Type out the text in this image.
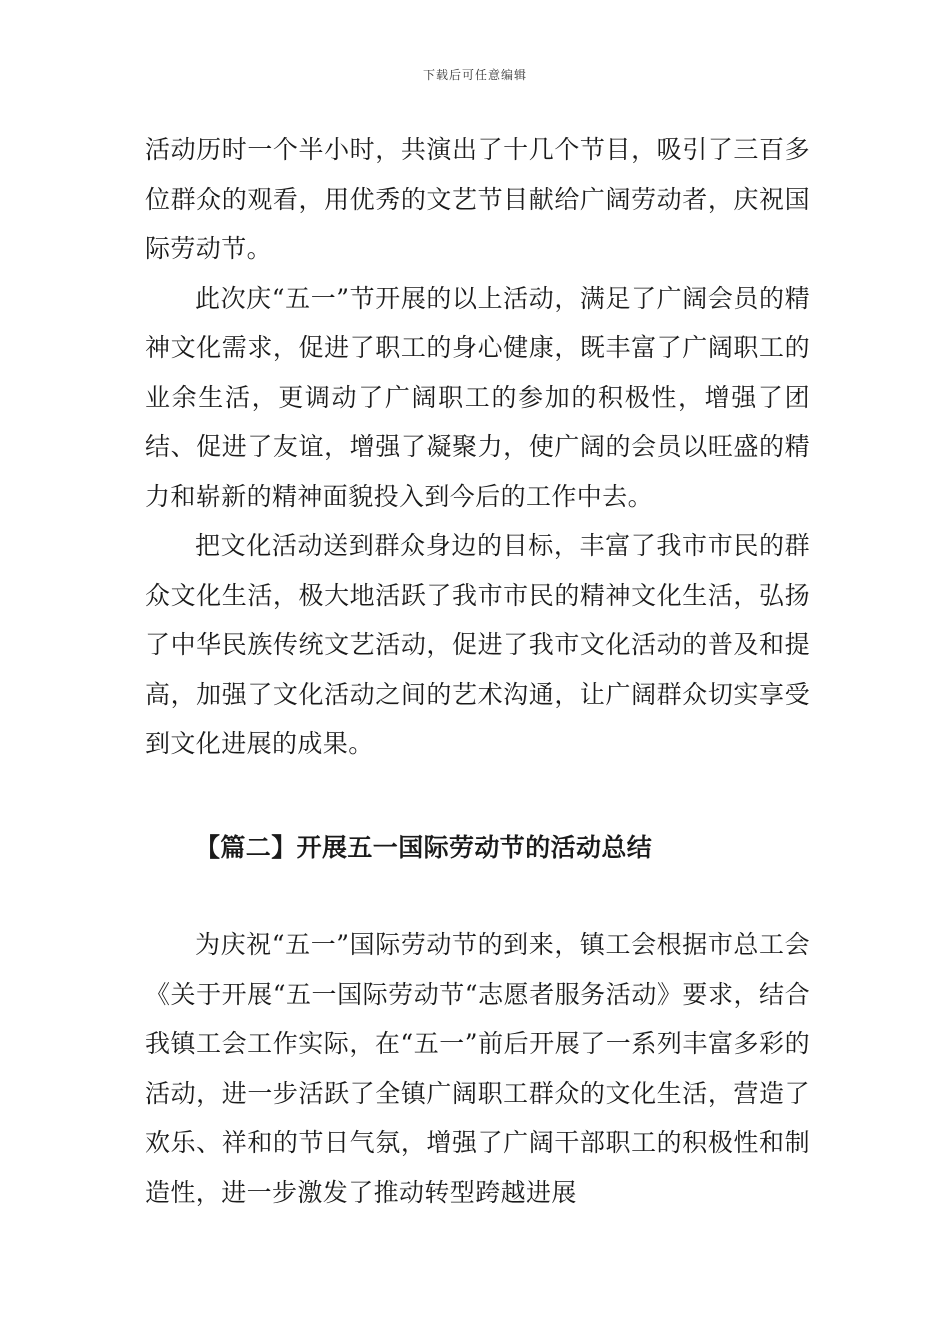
下载后可任意编辑

活动历时一个半小时，共演出了十几个节目，吸引了三百多位群众的观看，用优秀的文艺节目献给广阔劳动者，庆祝国际劳动节。

此次庆“五一”节开展的以上活动，满足了广阔会员的精神文化需求，促进了职工的身心健康，既丰富了广阔职工的业余生活，更调动了广阔职工的参加的积极性，增强了团结、促进了友谊，增强了凝聚力，使广阔的会员以旺盛的精力和崭新的精神面貌投入到今后的工作中去。

把文化活动送到群众身边的目标，丰富了我市市民的群众文化生活，极大地活跃了我市市民的精神文化生活，弘扬了中华民族传统文艺活动，促进了我市文化活动的普及和提高，加强了文化活动之间的艺术沟通，让广阔群众切实享受到文化进展的成果。

【篇二】开展五一国际劳动节的活动总结

为庆祝“五一”国际劳动节的到来，镇工会根据市总工会《关于开展“五一国际劳动节“志愿者服务活动》要求，结合我镇工会工作实际，在“五一”前后开展了一系列丰富多彩的活动，进一步活跃了全镇广阔职工群众的文化生活，营造了欢乐、祥和的节日气氛，增强了广阔干部职工的积极性和制造性，进一步激发了推动转型跨越进展
